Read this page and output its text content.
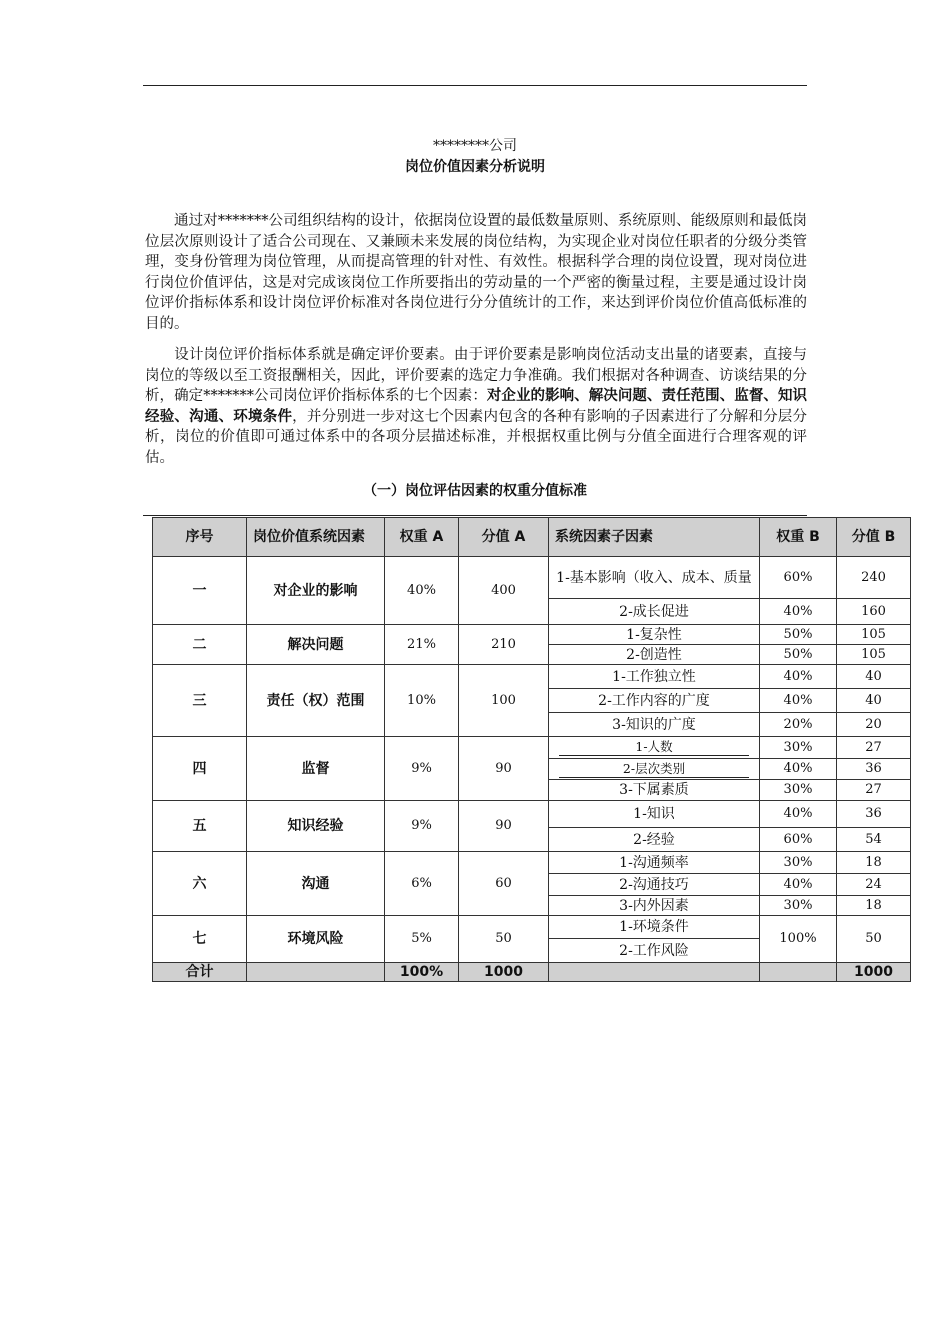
********公司
岗位价值因素分析说明

  通过对*******公司组织结构的设计，依据岗位设置的最低数量原则、系统原则、能级原则和最低岗位层次原则设计了适合公司现在、又兼顾未来发展的岗位结构，为实现企业对岗位任职者的分级分类管理，变身份管理为岗位管理，从而提高管理的针对性、有效性。根据科学合理的岗位设置，现对岗位进行岗位价值评估，这是对完成该岗位工作所要指出的劳动量的一个严密的衡量过程，主要是通过设计岗位评价指标体系和设计岗位评价标准对各岗位进行分分值统计的工作，来达到评价岗位价值高低标准的目的。

  设计岗位评价指标体系就是确定评价要素。由于评价要素是影响岗位活动支出量的诸要素，直接与岗位的等级以至工资报酬相关，因此，评价要素的选定力争准确。我们根据对各种调查、访谈结果的分析，确定*******公司岗位评价指标体系的七个因素：对企业的影响、解决问题、责任范围、监督、知识经验、沟通、环境条件，并分别进一步对这七个因素内包含的各种有影响的子因素进行了分解和分层分析，岗位的价值即可通过体系中的各项分层描述标准，并根据权重比例与分值全面进行合理客观的评估。

（一）岗位评估因素的权重分值标准
序号	岗位价值系统因素	权重 A	分值 A	系统因素子因素	权重 B	分值 B
一	对企业的影响	40%	400	1-基本影响（收入、成本、质量	60%	240
				2-成长促进	40%	160
二	解决问题	21%	210	1-复杂性	50%	105
				2-创造性	50%	105
三	责任（权）范围	10%	100	1-工作独立性	40%	40
				2-工作内容的广度	40%	40
				3-知识的广度	20%	20
四	监督	9%	90	1-人数	30%	27
				2-层次类别	40%	36
				3-下属素质	30%	27
五	知识经验	9%	90	1-知识	40%	36
				2-经验	60%	54
六	沟通	6%	60	1-沟通频率	30%	18
				2-沟通技巧	40%	24
				3-内外因素	30%	18
七	环境风险	5%	50	1-环境条件	100%	50
				2-工作风险		
合计		100%	1000			1000
